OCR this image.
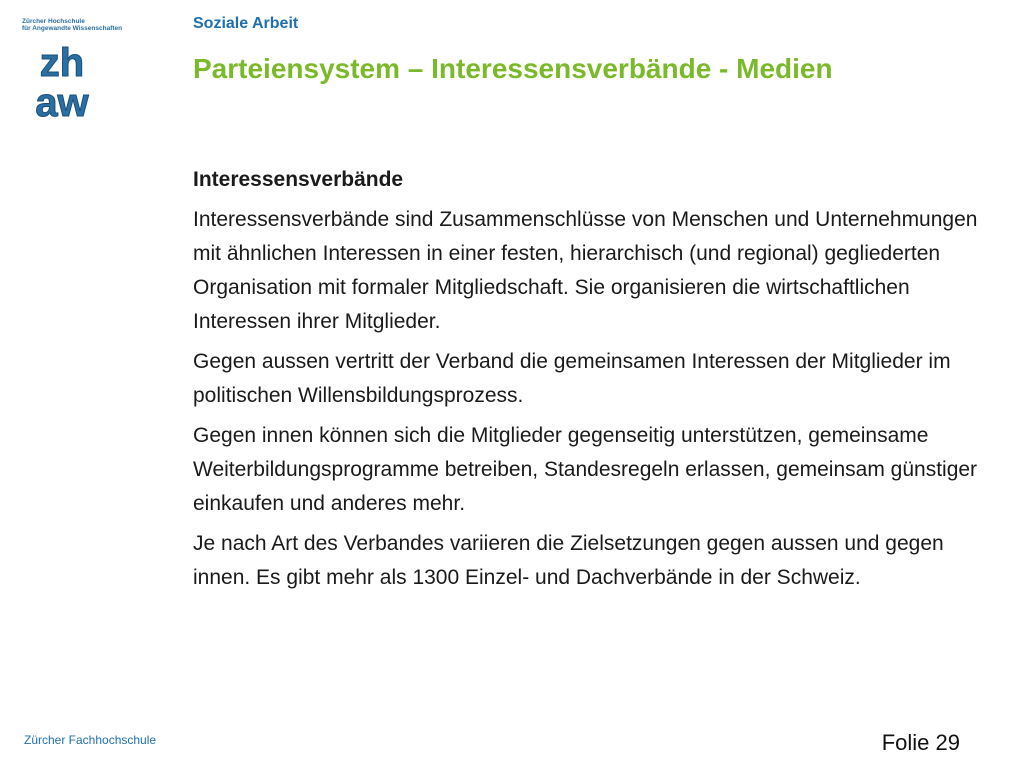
Zürcher Hochschule
für Angewandte Wissenschaften
zh
aw
Soziale Arbeit
Parteiensystem – Interessensverbände - Medien
Interessensverbände

Interessensverbände sind Zusammenschlüsse von Menschen und Unternehmungen mit ähnlichen Interessen in einer festen, hierarchisch (und regional) gegliederten Organisation mit formaler Mitgliedschaft. Sie organisieren die wirtschaftlichen Interessen ihrer Mitglieder.

Gegen aussen vertritt der Verband die gemeinsamen Interessen der Mitglieder im politischen Willensbildungsprozess.

Gegen innen können sich die Mitglieder gegenseitig unterstützen, gemeinsame Weiterbildungsprogramme betreiben, Standesregeln erlassen, gemeinsam günstiger einkaufen und anderes mehr.

Je nach Art des Verbandes variieren die Zielsetzungen gegen aussen und gegen innen. Es gibt mehr als 1300 Einzel- und Dachverbände in der Schweiz.

Zürcher Fachhochschule	Folie 29
